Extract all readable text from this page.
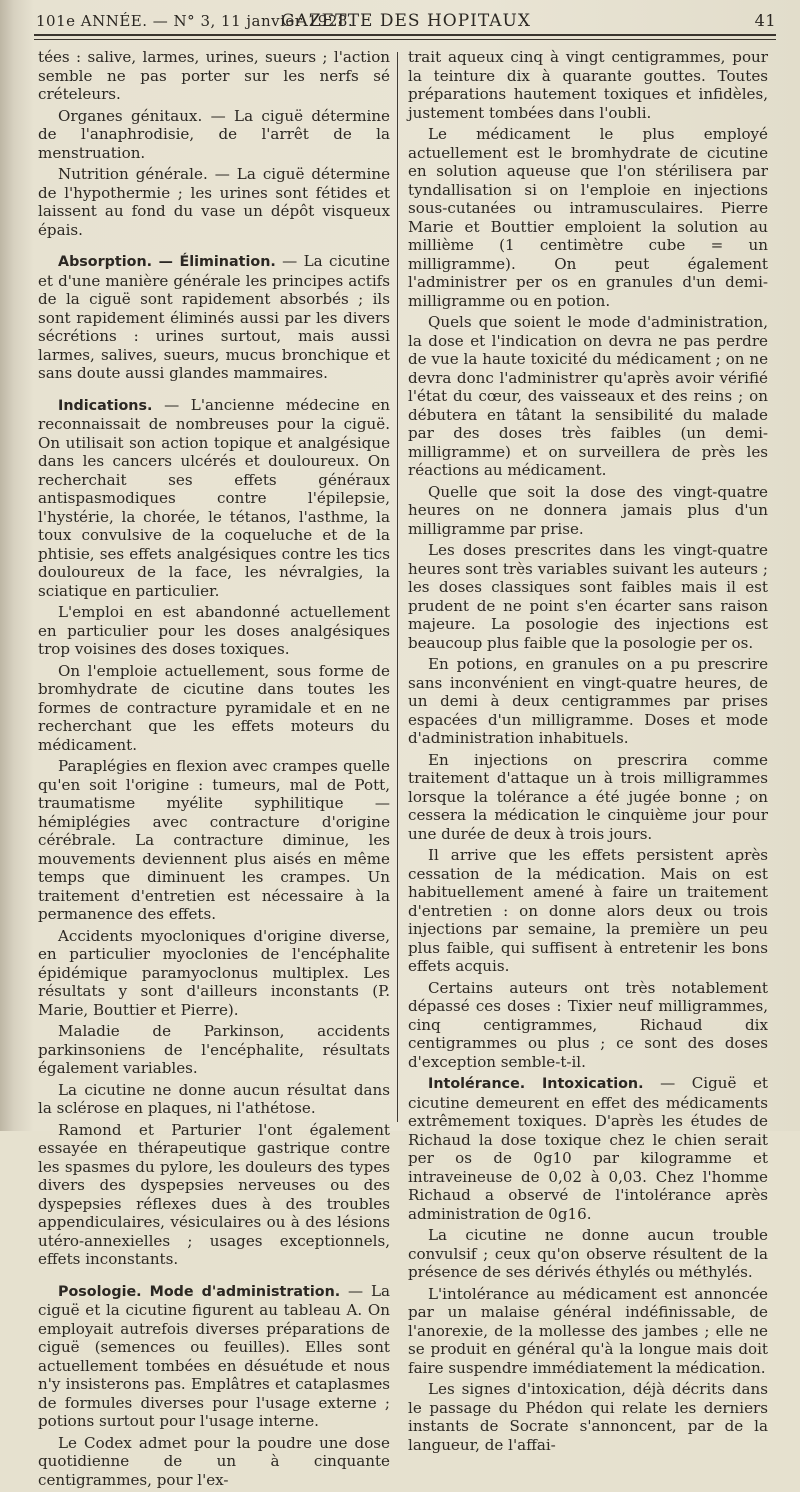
101e ANNÉE. — N° 3, 11 janvier 1928.
GAZETTE DES HOPITAUX	41

tées : salive, larmes, urines, sueurs ; l'action semble ne pas porter sur les nerfs sé crételeurs.

Organes génitaux. — La ciguë détermine de l'anaphrodisie, de l'arrêt de la menstruation.

Nutrition générale. — La ciguë détermine de l'hypothermie ; les urines sont fétides et laissent au fond du vase un dépôt visqueux épais.

Absorption. — Élimination. — La cicutine et d'une manière générale les principes actifs de la ciguë sont rapidement absorbés ; ils sont rapidement éliminés aussi par les divers sécrétions : urines surtout, mais aussi larmes, salives, sueurs, mucus bronchique et sans doute aussi glandes mammaires.

Indications. — L'ancienne médecine en reconnaissait de nombreuses pour la ciguë. On utilisait son action topique et analgésique dans les cancers ulcérés et douloureux. On recherchait ses effets généraux antispasmodiques contre l'épilepsie, l'hystérie, la chorée, le tétanos, l'asthme, la toux convulsive de la coqueluche et de la phtisie, ses effets analgésiques contre les tics douloureux de la face, les névralgies, la sciatique en particulier.

L'emploi en est abandonné actuellement en particulier pour les doses analgésiques trop voisines des doses toxiques.

On l'emploie actuellement, sous forme de bromhydrate de cicutine dans toutes les formes de contracture pyramidale et en ne recherchant que les effets moteurs du médicament.

Paraplégies en flexion avec crampes quelle qu'en soit l'origine : tumeurs, mal de Pott, traumatisme myélite syphilitique — hémiplégies avec contracture d'origine cérébrale. La contracture diminue, les mouvements deviennent plus aisés en même temps que diminuent les crampes. Un traitement d'entretien est nécessaire à la permanence des effets.

Accidents myocloniques d'origine diverse, en particulier myoclonies de l'encéphalite épidémique paramyoclonus multiplex. Les résultats y sont d'ailleurs inconstants (P. Marie, Bouttier et Pierre).

Maladie de Parkinson, accidents parkinsoniens de l'encéphalite, résultats également variables.

La cicutine ne donne aucun résultat dans la sclérose en plaques, ni l'athétose.

Ramond et Parturier l'ont également essayée en thérapeutique gastrique contre les spasmes du pylore, les douleurs des types divers des dyspepsies nerveuses ou des dyspepsies réflexes dues à des troubles appendiculaires, vésiculaires ou à des lésions utéro-annexielles ; usages exceptionnels, effets inconstants.

Posologie. Mode d'administration. — La ciguë et la cicutine figurent au tableau A. On employait autrefois diverses préparations de ciguë (semences ou feuilles). Elles sont actuellement tombées en désuétude et nous n'y insisterons pas. Emplâtres et cataplasmes de formules diverses pour l'usage externe ; potions surtout pour l'usage interne.

Le Codex admet pour la poudre une dose quotidienne de un à cinquante centigrammes, pour l'ex-

trait aqueux cinq à vingt centigrammes, pour la teinture dix à quarante gouttes. Toutes préparations hautement toxiques et infidèles, justement tombées dans l'oubli.

Le médicament le plus employé actuellement est le bromhydrate de cicutine en solution aqueuse que l'on stérilisera par tyndallisation si on l'emploie en injections sous-cutanées ou intramusculaires. Pierre Marie et Bouttier emploient la solution au millième (1 centimètre cube = un milligramme). On peut également l'administrer per os en granules d'un demi-milligramme ou en potion.

Quels que soient le mode d'administration, la dose et l'indication on devra ne pas perdre de vue la haute toxicité du médicament ; on ne devra donc l'administrer qu'après avoir vérifié l'état du cœur, des vaisseaux et des reins ; on débutera en tâtant la sensibilité du malade par des doses très faibles (un demi-milligramme) et on surveillera de près les réactions au médicament.

Quelle que soit la dose des vingt-quatre heures on ne donnera jamais plus d'un milligramme par prise.

Les doses prescrites dans les vingt-quatre heures sont très variables suivant les auteurs ; les doses classiques sont faibles mais il est prudent de ne point s'en écarter sans raison majeure. La posologie des injections est beaucoup plus faible que la posologie per os.

En potions, en granules on a pu prescrire sans inconvénient en vingt-quatre heures, de un demi à deux centigrammes par prises espacées d'un milligramme. Doses et mode d'administration inhabituels.

En injections on prescrira comme traitement d'attaque un à trois milligrammes lorsque la tolérance a été jugée bonne ; on cessera la médication le cinquième jour pour une durée de deux à trois jours.

Il arrive que les effets persistent après cessation de la médication. Mais on est habituellement amené à faire un traitement d'entretien : on donne alors deux ou trois injections par semaine, la première un peu plus faible, qui suffisent à entretenir les bons effets acquis.

Certains auteurs ont très notablement dépassé ces doses : Tixier neuf milligrammes, cinq centigrammes, Richaud dix centigrammes ou plus ; ce sont des doses d'exception semble-t-il.

Intolérance. Intoxication. — Ciguë et cicutine demeurent en effet des médicaments extrêmement toxiques. D'après les études de Richaud la dose toxique chez le chien serait per os de 0g10 par kilogramme et intraveineuse de 0,02 à 0,03. Chez l'homme Richaud a observé de l'intolérance après administration de 0g16.

La cicutine ne donne aucun trouble convulsif ; ceux qu'on observe résultent de la présence de ses dérivés éthylés ou méthylés.

L'intolérance au médicament est annoncée par un malaise général indéfinissable, de l'anorexie, de la mollesse des jambes ; elle ne se produit en général qu'à la longue mais doit faire suspendre immédiatement la médication.

Les signes d'intoxication, déjà décrits dans le passage du Phédon qui relate les derniers instants de Socrate s'annoncent, par de la langueur, de l'affai-
